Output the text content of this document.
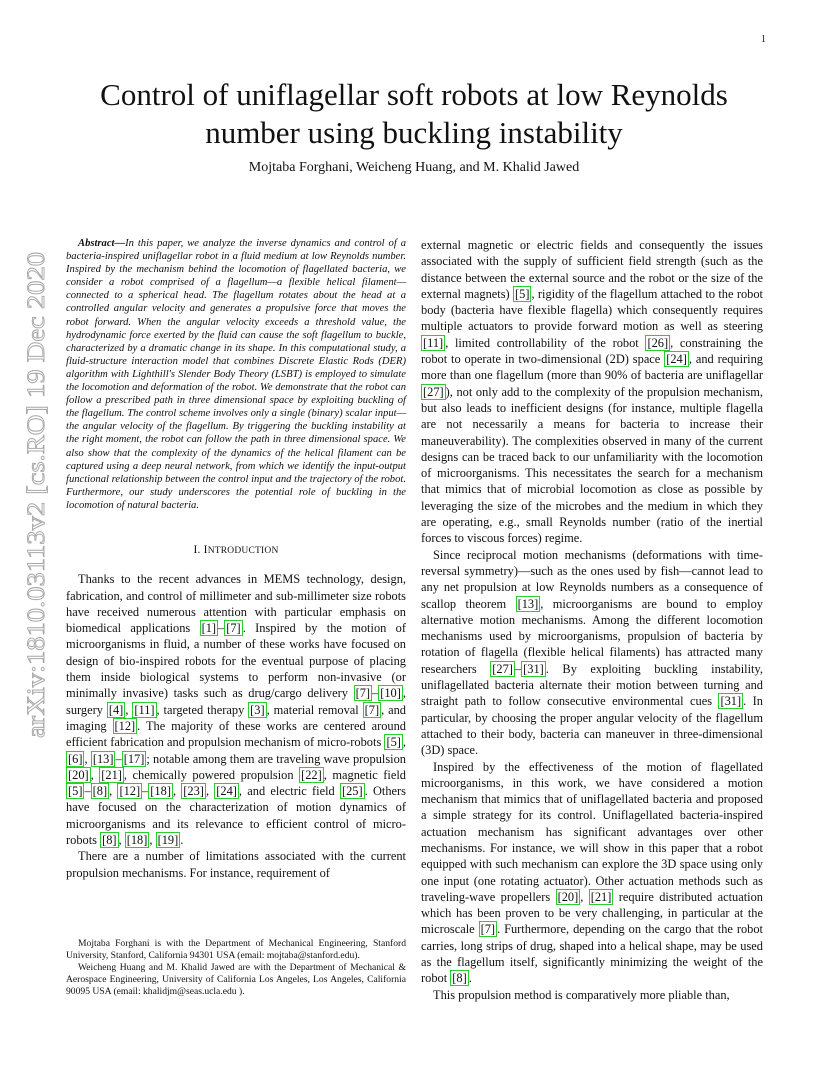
1
arXiv:1810.03113v2 [cs.RO] 19 Dec 2020
Control of uniflagellar soft robots at low Reynolds
number using buckling instability
Mojtaba Forghani, Weicheng Huang, and M. Khalid Jawed

Abstract—In this paper, we analyze the inverse dynamics and control of a bacteria-inspired uniflagellar robot in a fluid medium at low Reynolds number. Inspired by the mechanism behind the locomotion of flagellated bacteria, we consider a robot comprised of a flagellum—a flexible helical filament—connected to a spherical head. The flagellum rotates about the head at a controlled angular velocity and generates a propulsive force that moves the robot forward. When the angular velocity exceeds a threshold value, the hydrodynamic force exerted by the fluid can cause the soft flagellum to buckle, characterized by a dramatic change in its shape. In this computational study, a fluid-structure interaction model that combines Discrete Elastic Rods (DER) algorithm with Lighthill's Slender Body Theory (LSBT) is employed to simulate the locomotion and deformation of the robot. We demonstrate that the robot can follow a prescribed path in three dimensional space by exploiting buckling of the flagellum. The control scheme involves only a single (binary) scalar input—the angular velocity of the flagellum. By triggering the buckling instability at the right moment, the robot can follow the path in three dimensional space. We also show that the complexity of the dynamics of the helical filament can be captured using a deep neural network, from which we identify the input-output functional relationship between the control input and the trajectory of the robot. Furthermore, our study underscores the potential role of buckling in the locomotion of natural bacteria.

I. INTRODUCTION

Thanks to the recent advances in MEMS technology, design, fabrication, and control of millimeter and sub-millimeter size robots have received numerous attention with particular emphasis on biomedical applications [1] – [7] . Inspired by the motion of microorganisms in fluid, a number of these works have focused on design of bio-inspired robots for the eventual purpose of placing them inside biological systems to perform non-invasive (or minimally invasive) tasks such as drug/cargo delivery [7] – [10] , surgery [4] , [11] , targeted therapy [3] , material removal [7] , and imaging [12] . The majority of these works are centered around efficient fabrication and propulsion mechanism of micro-robots [5] , [6] , [13] – [17] ; notable among them are traveling wave propulsion [20] , [21] , chemically powered propulsion [22] , magnetic field [5] – [8] , [12] – [18] , [23] , [24] , and electric field [25] . Others have focused on the characterization of motion dynamics of microorganisms and its relevance to efficient control of micro-robots [8] , [18] , [19] .

There are a number of limitations associated with the current propulsion mechanisms. For instance, requirement of

Mojtaba Forghani is with the Department of Mechanical Engineering, Stanford University, Stanford, California 94301 USA (email: mojtaba@stanford.edu).

Weicheng Huang and M. Khalid Jawed are with the Department of Mechanical & Aerospace Engineering, University of California Los Angeles, Los Angeles, California 90095 USA (email: khalidjm@seas.ucla.edu ).

external magnetic or electric fields and consequently the issues associated with the supply of sufficient field strength (such as the distance between the external source and the robot or the size of the external magnets) [5] , rigidity of the flagellum attached to the robot body (bacteria have flexible flagella) which consequently requires multiple actuators to provide forward motion as well as steering [11] , limited controllability of the robot [26] , constraining the robot to operate in two-dimensional (2D) space [24] , and requiring more than one flagellum (more than 90% of bacteria are uniflagellar [27] ), not only add to the complexity of the propulsion mechanism, but also leads to inefficient designs (for instance, multiple flagella are not necessarily a means for bacteria to increase their maneuverability). The complexities observed in many of the current designs can be traced back to our unfamiliarity with the locomotion of microorganisms. This necessitates the search for a mechanism that mimics that of microbial locomotion as close as possible by leveraging the size of the microbes and the medium in which they are operating, e.g., small Reynolds number (ratio of the inertial forces to viscous forces) regime.

Since reciprocal motion mechanisms (deformations with time-reversal symmetry)—such as the ones used by fish—cannot lead to any net propulsion at low Reynolds numbers as a consequence of scallop theorem [13] , microorganisms are bound to employ alternative motion mechanisms. Among the different locomotion mechanisms used by microorganisms, propulsion of bacteria by rotation of flagella (flexible helical filaments) has attracted many researchers [27] – [31] . By exploiting buckling instability, uniflagellated bacteria alternate their motion between turning and straight path to follow consecutive environmental cues [31] . In particular, by choosing the proper angular velocity of the flagellum attached to their body, bacteria can maneuver in three-dimensional (3D) space.

Inspired by the effectiveness of the motion of flagellated microorganisms, in this work, we have considered a motion mechanism that mimics that of uniflagellated bacteria and proposed a simple strategy for its control. Uniflagellated bacteria-inspired actuation mechanism has significant advantages over other mechanisms. For instance, we will show in this paper that a robot equipped with such mechanism can explore the 3D space using only one input (one rotating actuator). Other actuation methods such as traveling-wave propellers [20] , [21] require distributed actuation which has been proven to be very challenging, in particular at the microscale [7] . Furthermore, depending on the cargo that the robot carries, long strips of drug, shaped into a helical shape, may be used as the flagellum itself, significantly minimizing the weight of the robot [8] .

This propulsion method is comparatively more pliable than,
